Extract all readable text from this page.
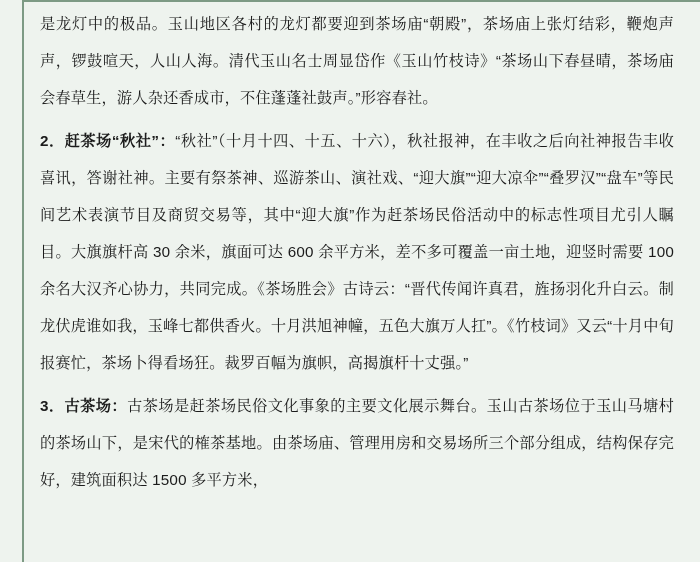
是龙灯中的极品。玉山地区各村的龙灯都要迎到茶场庙“朝殿”，茶场庙上张灯结彩，鞭炮声声，锣鼓喧天，人山人海。清代玉山名士周显岱作《玉山竹枝诗》“茶场山下春昼晴，茶场庙会春草生，游人杂还香成市，不住蓬蓬社鼓声。”形容春社。

2．赶茶场“秋社”：“秋社”（十月十四、十五、十六），秋社报神，在丰收之后向社神报告丰收喜讯，答谢社神。主要有祭茶神、巡游茶山、演社戏、“迎大旗”“迎大凉伞”“叠罗汉”“盘车”等民间艺术表演节目及商贸交易等，其中“迎大旗”作为赶茶场民俗活动中的标志性项目尤引人瞩目。大旗旗杆高 30 余米，旗面可达 600 余平方米，差不多可覆盖一亩土地，迎竖时需要 100 余名大汉齐心协力，共同完成。《茶场胜会》古诗云：“晋代传闻许真君，旌扬羽化升白云。制龙伏虎谁如我，玉峰七都供香火。十月洪旭神幢，五色大旗万人扛”。《竹枝词》又云“十月中旬报赛忙，茶场卜得看场狂。裁罗百幅为旗帜，高揭旗杆十丈强。”

3．古茶场：古茶场是赶茶场民俗文化事象的主要文化展示舞台。玉山古茶场位于玉山马塘村的茶场山下，是宋代的榷茶基地。由茶场庙、管理用房和交易场所三个部分组成，结构保存完好，建筑面积达 1500 多平方米，
